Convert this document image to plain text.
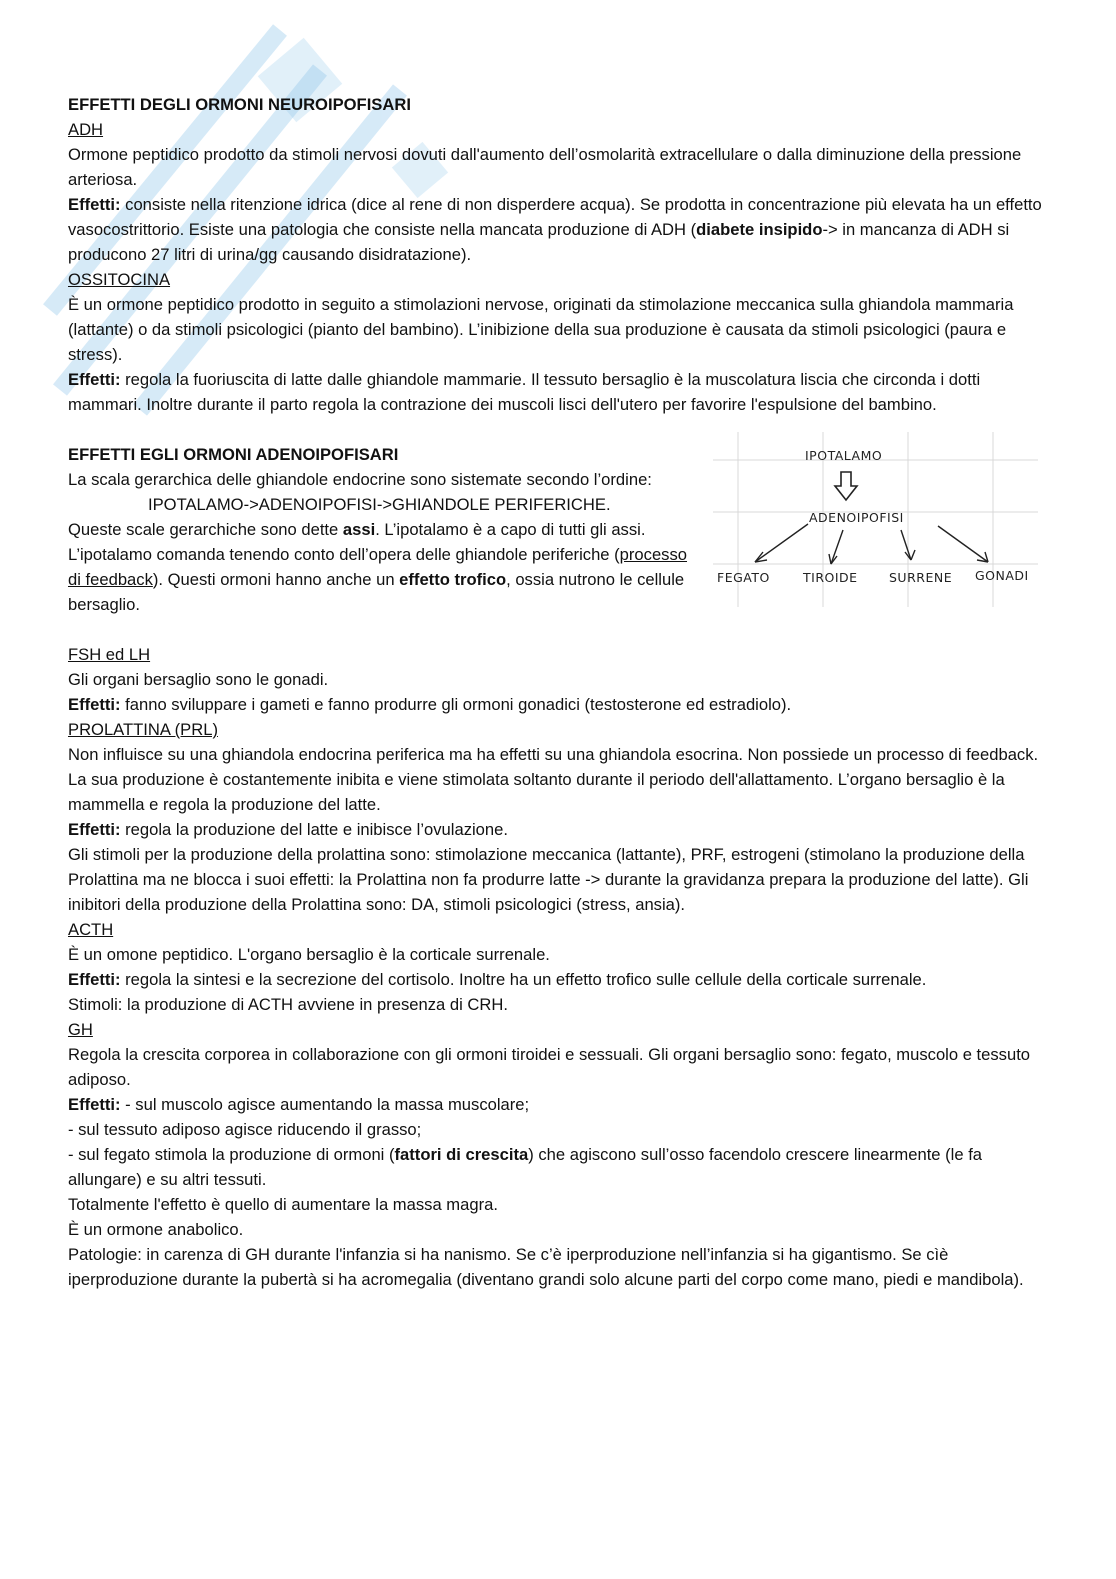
EFFETTI DEGLI ORMONI NEUROIPOFISARI

ADH

Ormone peptidico prodotto da stimoli nervosi dovuti dall'aumento dell’osmolarità extracellulare o dalla diminuzione della pressione arteriosa.

Effetti: consiste nella ritenzione idrica (dice al rene di non disperdere acqua). Se prodotta in concentrazione più elevata ha un effetto vasocostrittorio. Esiste una patologia che consiste nella mancata produzione di ADH (diabete insipido-> in mancanza di ADH si producono 27 litri di urina/gg causando disidratazione).

OSSITOCINA

È un ormone peptidico prodotto in seguito a stimolazioni nervose, originati da stimolazione meccanica sulla ghiandola mammaria (lattante) o da stimoli psicologici (pianto del bambino). L’inibizione della sua produzione è causata da stimoli psicologici (paura e stress).

Effetti: regola la fuoriuscita di latte dalle ghiandole mammarie. Il tessuto bersaglio è la muscolatura liscia che circonda i dotti mammari. Inoltre durante il parto regola la contrazione dei muscoli lisci dell'utero per favorire l'espulsione del bambino.

EFFETTI EGLI ORMONI ADENOIPOFISARI

La scala gerarchica delle ghiandole endocrine sono sistemate secondo l’ordine:

IPOTALAMO->ADENOIPOFISI->GHIANDOLE PERIFERICHE.

Queste scale gerarchiche sono dette assi. L’ipotalamo è a capo di tutti gli assi. L’ipotalamo comanda tenendo conto dell’opera delle ghiandole periferiche (processo di feedback). Questi ormoni hanno anche un effetto trofico, ossia nutrono le cellule bersaglio.

IPOTALAMO
ADENOIPOFISI
FEGATO	TIROIDE	SURRENE GONADI

FSH ed LH

Gli organi bersaglio sono le gonadi.

Effetti: fanno sviluppare i gameti e fanno produrre gli ormoni gonadici (testosterone ed estradiolo).

PROLATTINA (PRL)

Non influisce su una ghiandola endocrina periferica ma ha effetti su una ghiandola esocrina. Non possiede un processo di feedback. La sua produzione è costantemente inibita e viene stimolata soltanto durante il periodo dell'allattamento. L’organo bersaglio è la mammella e regola la produzione del latte.

Effetti: regola la produzione del latte e inibisce l’ovulazione.

Gli stimoli per la produzione della prolattina sono: stimolazione meccanica (lattante), PRF, estrogeni (stimolano la produzione della Prolattina ma ne blocca i suoi effetti: la Prolattina non fa produrre latte -> durante la gravidanza prepara la produzione del latte). Gli inibitori della produzione della Prolattina sono: DA, stimoli psicologici (stress, ansia).

ACTH

È un omone peptidico. L'organo bersaglio è la corticale surrenale.

Effetti: regola la sintesi e la secrezione del cortisolo. Inoltre ha un effetto trofico sulle cellule della corticale surrenale.

Stimoli: la produzione di ACTH avviene in presenza di CRH.

GH

Regola la crescita corporea in collaborazione con gli ormoni tiroidei e sessuali. Gli organi bersaglio sono: fegato, muscolo e tessuto adiposo.

Effetti: - sul muscolo agisce aumentando la massa muscolare;

- sul tessuto adiposo agisce riducendo il grasso;

- sul fegato stimola la produzione di ormoni (fattori di crescita) che agiscono sull’osso facendolo crescere linearmente (le fa allungare) e su altri tessuti.

Totalmente l'effetto è quello di aumentare la massa magra.

È un ormone anabolico.

Patologie: in carenza di GH durante l'infanzia si ha nanismo. Se c’è iperproduzione nell’infanzia si ha gigantismo. Se cìè iperproduzione durante la pubertà si ha acromegalia (diventano grandi solo alcune parti del corpo come mano, piedi e mandibola).
